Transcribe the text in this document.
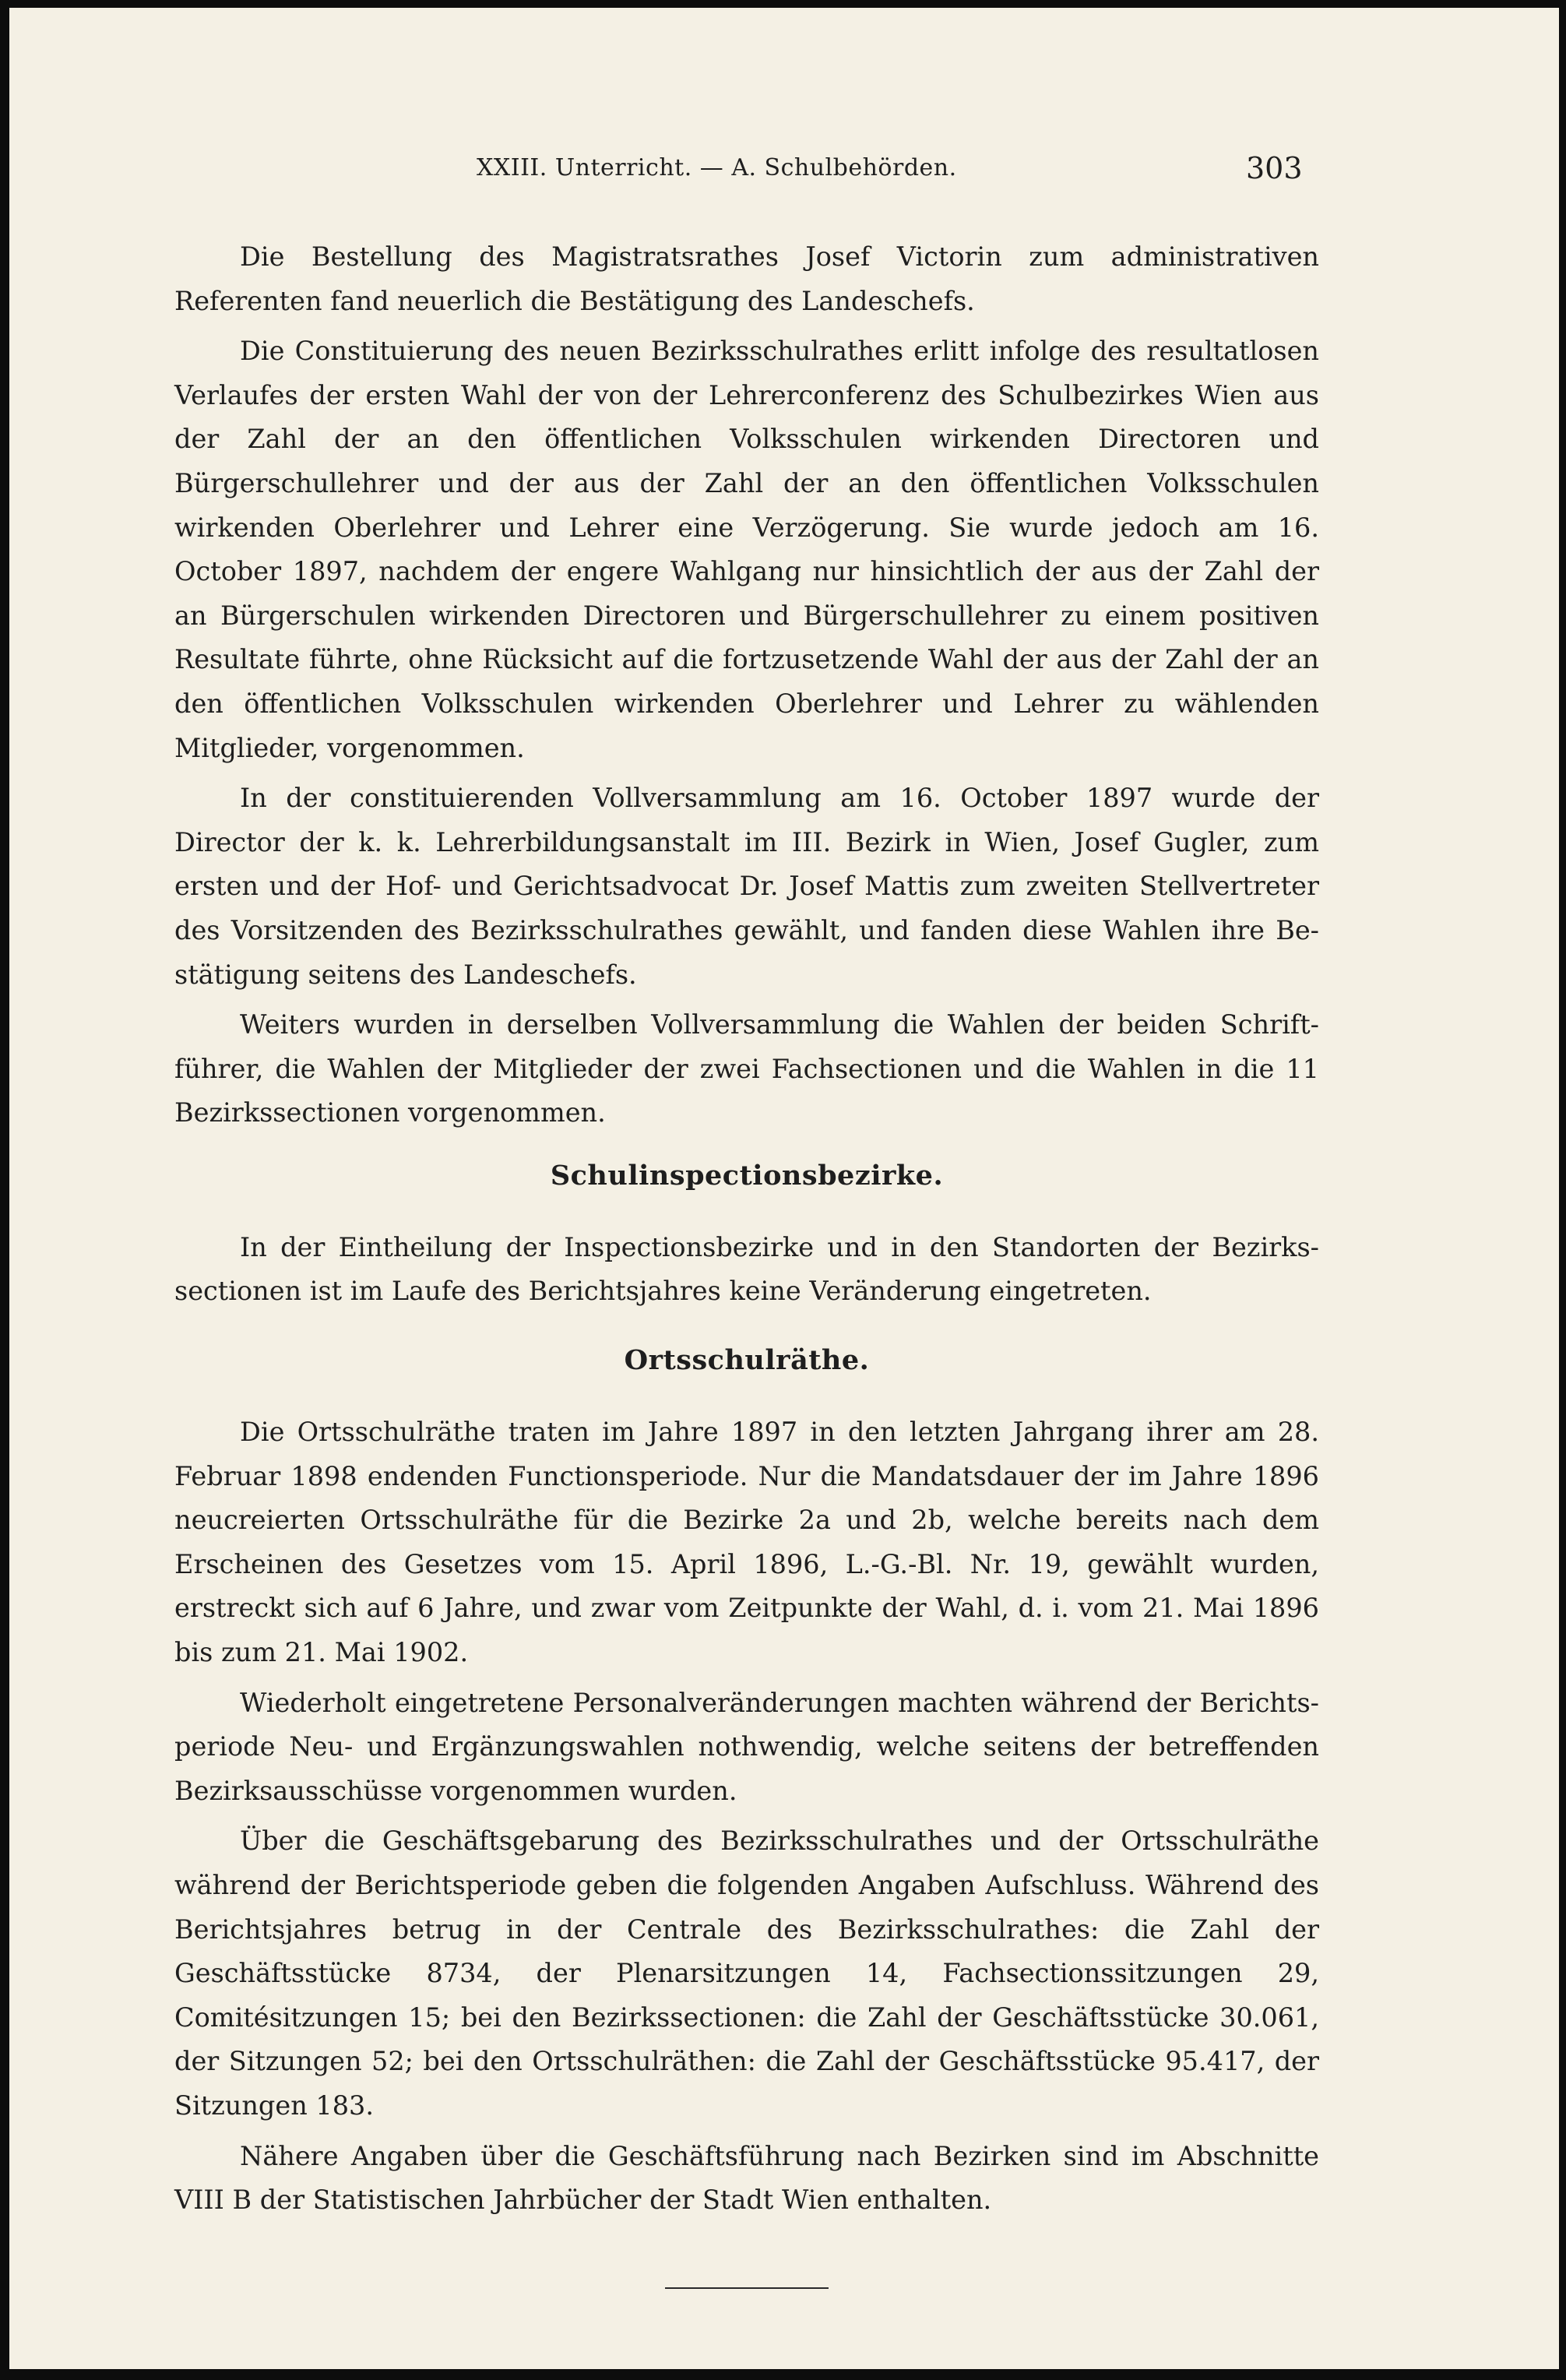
XXIII. Unterricht. — A. Schulbehörden.	303

Die Bestellung des Magistratsrathes Josef Victorin zum administrativen Referenten fand neuerlich die Bestätigung des Landeschefs.

Die Constituierung des neuen Bezirksschulrathes erlitt infolge des resultatlosen Verlaufes der ersten Wahl der von der Lehrerconferenz des Schulbezirkes Wien aus der Zahl der an den öffentlichen Volksschulen wirkenden Directoren und Bürgerschullehrer und der aus der Zahl der an den öffentlichen Volksschulen wirkenden Oberlehrer und Lehrer eine Verzögerung. Sie wurde jedoch am 16. October 1897, nachdem der engere Wahlgang nur hinsichtlich der aus der Zahl der an Bürgerschulen wirkenden Directoren und Bürgerschullehrer zu einem positiven Resultate führte, ohne Rücksicht auf die fortzusetzende Wahl der aus der Zahl der an den öffentlichen Volksschulen wirkenden Oberlehrer und Lehrer zu wählenden Mitglieder, vorgenommen.

In der constituierenden Vollversammlung am 16. October 1897 wurde der Director der k. k. Lehrerbildungsanstalt im III. Bezirk in Wien, Josef Gugler, zum ersten und der Hof- und Gerichtsadvocat Dr. Josef Mattis zum zweiten Stellvertreter des Vorsitzenden des Bezirksschulrathes gewählt, und fanden diese Wahlen ihre Bestätigung seitens des Landeschefs.

Weiters wurden in derselben Vollversammlung die Wahlen der beiden Schriftführer, die Wahlen der Mitglieder der zwei Fachsectionen und die Wahlen in die 11 Bezirkssectionen vorgenommen.

Schulinspectionsbezirke.

In der Eintheilung der Inspectionsbezirke und in den Standorten der Bezirkssectionen ist im Laufe des Berichtsjahres keine Veränderung eingetreten.

Ortsschulräthe.

Die Ortsschulräthe traten im Jahre 1897 in den letzten Jahrgang ihrer am 28. Februar 1898 endenden Functionsperiode. Nur die Mandatsdauer der im Jahre 1896 neucreierten Ortsschulräthe für die Bezirke 2a und 2b, welche bereits nach dem Erscheinen des Gesetzes vom 15. April 1896, L.-G.-Bl. Nr. 19, gewählt wurden, erstreckt sich auf 6 Jahre, und zwar vom Zeitpunkte der Wahl, d. i. vom 21. Mai 1896 bis zum 21. Mai 1902.

Wiederholt eingetretene Personalveränderungen machten während der Berichtsperiode Neu- und Ergänzungswahlen nothwendig, welche seitens der betreffenden Bezirksausschüsse vorgenommen wurden.

Über die Geschäftsgebarung des Bezirksschulrathes und der Ortsschulräthe während der Berichtsperiode geben die folgenden Angaben Aufschluss. Während des Berichtsjahres betrug in der Centrale des Bezirksschulrathes: die Zahl der Geschäftsstücke 8734, der Plenarsitzungen 14, Fachsectionssitzungen 29, Comitésitzungen 15; bei den Bezirkssectionen: die Zahl der Geschäftsstücke 30.061, der Sitzungen 52; bei den Ortsschulräthen: die Zahl der Geschäftsstücke 95.417, der Sitzungen 183.

Nähere Angaben über die Geschäftsführung nach Bezirken sind im Abschnitte VIII B der Statistischen Jahrbücher der Stadt Wien enthalten.
